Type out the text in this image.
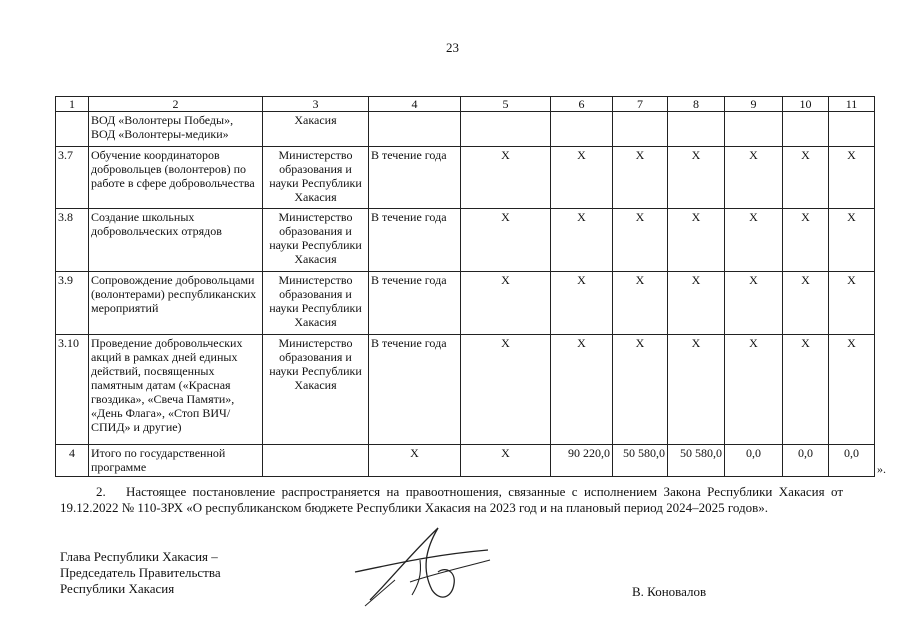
23
1	2	3	4	5	6	7	8	9	10	11
	ВОД «Волонтеры Победы», ВОД «Волонтеры-медики»	Хакасия								
3.7	Обучение координаторов добровольцев (волонтеров) по работе в сфере добровольчества	Министерство образования и науки Республики Хакасия	В течение года	X	X	X	X	X	X	X
3.8	Создание школьных добровольческих отрядов	Министерство образования и науки Республики Хакасия	В течение года	X	X	X	X	X	X	X
3.9	Сопровождение добровольцами (волонтерами) республиканских мероприятий	Министерство образования и науки Республики Хакасия	В течение года	X	X	X	X	X	X	X
3.10	Проведение добровольческих акций в рамках дней единых действий, посвященных памятным датам («Красная гвоздика», «Свеча Памяти», «День Флага», «Стоп ВИЧ/СПИД» и другие)	Министерство образования и науки Республики Хакасия	В течение года	X	X	X	X	X	X	X
4	Итого по государственной программе		X	X	90 220,0	50 580,0	50 580,0	0,0	0,0	0,0
».
2. Настоящее постановление распространяется на правоотношения, связанные с исполнением Закона Республики Хакасия от 19.12.2022 № 110-ЗРХ «О республиканском бюджете Республики Хакасия на 2023 год и на плановый период 2024–2025 годов».
Глава Республики Хакасия –
Председатель Правительства
Республики Хакасия	В. Коновалов
